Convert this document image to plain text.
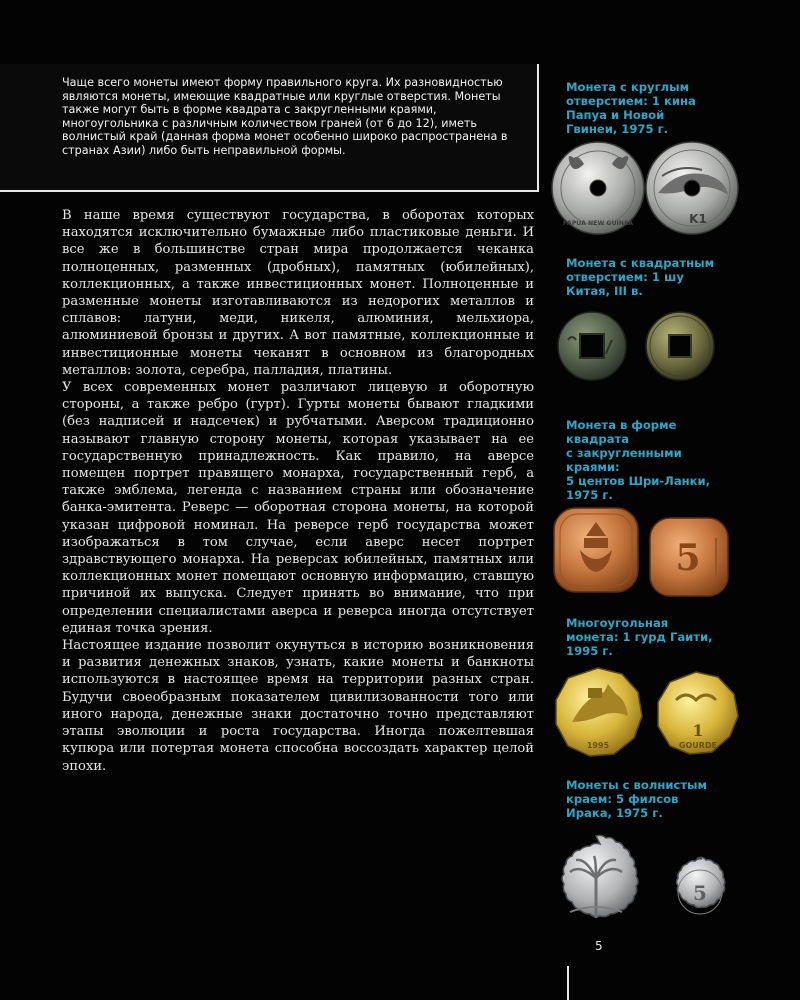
Чаще всего монеты имеют форму правильного круга. Их разновидностью являются монеты, имеющие квадратные или круглые отверстия. Монеты также могут быть в форме квадрата с закругленными краями, многоугольника с различным количеством граней (от 6 до 12), иметь волнистый край (данная форма монет особенно широко распространена в странах Азии) либо быть неправильной формы.

В наше время существуют государства, в оборотах которых находятся исключительно бумажные либо пластиковые деньги. И все же в большинстве стран мира продолжается чеканка полноценных, разменных (дробных), памятных (юбилейных), коллекционных, а также инвестиционных монет. Полноценные и разменные монеты изготавливаются из недорогих металлов и сплавов: латуни, меди, никеля, алюминия, мельхиора, алюминиевой бронзы и других. А вот памятные, коллекционные и инвестиционные монеты чеканят в основном из благородных металлов: золота, серебра, палладия, платины.

У всех современных монет различают лицевую и оборотную стороны, а также ребро (гурт). Гурты монеты бывают гладкими (без надписей и надсечек) и рубчатыми. Аверсом традиционно называют главную сторону монеты, которая указывает на ее государственную принадлежность. Как правило, на аверсе помещен портрет правящего монарха, государственный герб, а также эмблема, легенда с названием страны или обозначение банка-эмитента. Реверс — оборотная сторона монеты, на которой указан цифровой номинал. На реверсе герб государства может изображаться в том случае, если аверс несет портрет здравствующего монарха. На реверсах юбилейных, памятных или коллекционных монет помещают основную информацию, ставшую причиной их выпуска. Следует принять во внимание, что при определении специалистами аверса и реверса иногда отсутствует единая точка зрения.

Настоящее издание позволит окунуться в историю возникновения и развития денежных знаков, узнать, какие монеты и банкноты используются в настоящее время на территории разных стран. Будучи своеобразным показателем цивилизованности того или иного народа, денежные знаки достаточно точно представляют этапы эволюции и роста государства. Иногда пожелтевшая купюра или потертая монета способна воссоздать характер целой эпохи.

Монета с круглым
отверстием: 1 кина
Папуа и Новой
Гвинеи, 1975 г.
PAPUA NEW GUINEA	K1
Монета с квадратным
отверстием: 1 шу
Китая, III в.
Монета в форме
квадрата
с закругленными
краями:
5 центов Шри-Ланки,
1975 г.
5
Многоугольная
монета: 1 гурд Гаити,
1995 г.
1995
1
GOURDE
Монеты с волнистым
краем: 5 филсов
Ирака, 1975 г.
5
5
